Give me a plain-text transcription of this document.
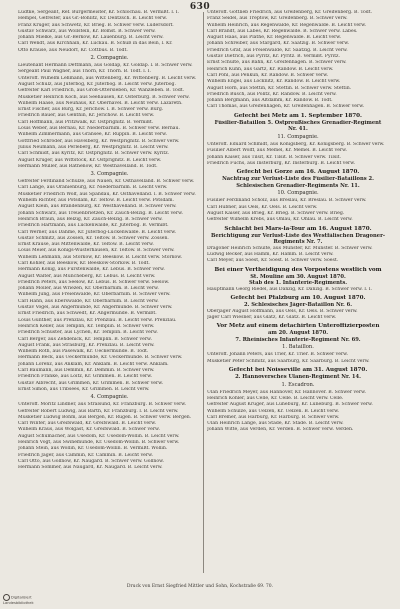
630
Lüdtke, Sergeant, Ref. Bürgermeister, Kr. Schlochau. B. Vermißt. l. I.
Hempel, Gefreiter, aus Gr.-Bohlitz, Kr. Delitzsch. B. Leicht verw.
Franz Krüger, aus Schwetz, Kr. Brieg. B. Schwer verw. Lüdersdorf.
Gustav Schwarz, aus Wollstein, Kr. Bomst. B. Schwer verw.
Johann Mielke, aus Gr.-Berkow, Kr. Lauenburg. B. Leicht verw.
Carl Wendt, aus Kirchhain, Kr. Luckau. B. Schuß in das Bein, l. Kr.
Otto Krause, aus Neudorf, Kr. Cottbus. B. Todt.
2. Compagnie.
Lieutenant Hermann Dettmann, aus Goldap, Kr. Goldap. l. B. Schwer verw.
Sergeant Paul Wagner, aus Thorn, Kr. Thorn. B. Todt. l. I.
Unteroff. Wilhelm Lehmann, aus Wittenberg, Kr. Wittenberg. B. Leicht verw.
August Schulz, aus Jüterbog, Kr. Jüterbog. B. Leicht verw. Jüterbog.
Gefreiter Karl Friedrich, aus Groß-Ottersleben, Kr. Wanzleben. B. Todt.
Musketier Heinrich Koch, aus Seehausen, Kr. Osterburg. B. Schwer verw.
Wilhelm Haase, aus Neuhaus, Kr. Oberhavel. B. Leicht verw. Lazareth.
Ernst Fischer, aus Burg, Kr. Jerichow. l. B. Schwer verw. Burg.
Friedrich Bauer, aus Genthin, Kr. Jerichow. B. Leicht verw.
Carl Hoffmann, aus Pritzwalk, Kr. Ostprignitz. B. Vermißt.
Louis Weber, aus Bernau, Kr. Niederbarnim. B. Schwer verw. Bernau.
Wilhelm Zimmermann, aus Gransee, Kr. Ruppin. B. Leicht verw.
Gottfried Schröder, aus Havelberg, Kr. Westprignitz. B. Schwer verw.
Julius Neumann, aus Perleberg, Kr. Westprignitz. B. Leicht verw.
Carl Schmidt, aus Kyritz, Kr. Ostprignitz. B. Schwer verw. Kyritz.
August Krüger, aus Wittstock, Kr. Ostprignitz. B. Leicht verw.
Hermann Müller, aus Rathenow, Kr. Westhavelland. B. Todt.
3. Compagnie.
Gefreiter Ferdinand Schulze, aus Nauen, Kr. Osthavelland. B. Schwer verw.
Carl Lange, aus Oranienburg, Kr. Niederbarnim. B. Leicht verw.
Musketier Friedrich Wolf, aus Spandau, Kr. Osthavelland. l. B. Schwer verw.
Wilhelm Richter, aus Potsdam, Kr. Teltow. B. Leicht verw. Potsdam.
August Klein, aus Brandenburg, Kr. Westhavelland. B. Schwer verw.
Johann Schwarz, aus Treuenbrietzen, Kr. Zauch-Belzig. B. Leicht verw.
Heinrich Braun, aus Belzig, Kr. Zauch-Belzig. B. Schwer verw.
Friedrich Hartmann, aus Luckenwalde, Kr. Jüterbog. B. Vermißt.
Carl Werner, aus Dahme, Kr. Jüterbog-Luckenwalde. B. Leicht verw.
Gustav Schmitz, aus Zossen, Kr. Teltow. B. Schwer verw. Zossen.
Ernst Krause, aus Mittenwalde, Kr. Teltow. B. Leicht verw.
Louis Meier, aus Königs-Wusterhausen, Kr. Teltow. B. Schwer verw.
Wilhelm Lehmann, aus Storkow, Kr. Beeskow. B. Leicht verw. Storkow.
Carl Köhler, aus Beeskow, Kr. Beeskow-Storkow. B. Todt.
Hermann König, aus Fürstenwalde, Kr. Lebus. B. Schwer verw.
August Walter, aus Müncheberg, Kr. Lebus. B. Leicht verw.
Friedrich Peters, aus Seelow, Kr. Lebus. B. Schwer verw. Seelow.
Johann Möller, aus Wriezen, Kr. Oberbarnim. B. Leicht verw.
Wilhelm Jung, aus Freienwalde, Kr. Oberbarnim. B. Schwer verw.
Carl Hahn, aus Eberswalde, Kr. Oberbarnim. B. Leicht verw.
Gustav Vogel, aus Angermünde, Kr. Angermünde. B. Schwer verw.
Ernst Friedrich, aus Schwedt, Kr. Angermünde. B. Vermißt.
Louis Günther, aus Prenzlau, Kr. Prenzlau. B. Leicht verw. Prenzlau.
Heinrich Keller, aus Templin, Kr. Templin. B. Schwer verw.
Friedrich Schuster, aus Lychen, Kr. Templin. B. Leicht verw.
Carl Berger, aus Zehdenick, Kr. Templin. B. Schwer verw.
August Frank, aus Strasburg, Kr. Prenzlau. B. Leicht verw.
Wilhelm Roth, aus Pasewalk, Kr. Ueckermünde. B. Todt.
Hermann Beck, aus Ueckermünde, Kr. Ueckermünde. B. Schwer verw.
Johann Lorenz, aus Anklam, Kr. Anklam. B. Leicht verw. Anklam.
Carl Baumann, aus Demmin, Kr. Demmin. B. Schwer verw.
Friedrich Franke, aus Loitz, Kr. Grimmen. B. Leicht verw.
Gustav Albrecht, aus Grimmen, Kr. Grimmen. B. Schwer verw.
Ernst Simon, aus Tribsees, Kr. Grimmen. B. Leicht verw.
4. Compagnie.
Unteroff. Moritz Lindner, aus Stralsund, Kr. Franzburg. B. Schwer verw.
Gefreiter Robert Ludwig, aus Barth, Kr. Franzburg. l. B. Leicht verw.
Musketier Ludwig Böhm, aus Bergen, Kr. Rügen. B. Schwer verw. Bergen.
Carl Winter, aus Greifswald, Kr. Greifswald. B. Leicht verw.
Wilhelm Kraus, aus Wolgast, Kr. Greifswald. B. Schwer verw.
August Schumacher, aus Usedom, Kr. Usedom-Wollin. B. Leicht verw.
Heinrich Vogt, aus Swinemünde, Kr. Usedom-Wollin. B. Schwer verw.
Johann Stein, aus Wollin, Kr. Usedom-Wollin. B. Vermißt. Wollin.
Friedrich Jäger, aus Cammin, Kr. Cammin. B. Leicht verw.
Carl Otto, aus Gollnow, Kr. Naugard. B. Schwer verw. Gollnow.
Hermann Sommer, aus Naugard, Kr. Naugard. B. Leicht verw.
Unteroff. Gottlieb Friedrich, aus Greifenberg, Kr. Greifenberg. B. Todt.
Franz Seidel, aus Treptow, Kr. Greifenberg. B. Schwer verw.
Wilhelm Heinrich, aus Regenwalde, Kr. Regenwalde. B. Leicht verw.
Carl Brandt, aus Labes, Kr. Regenwalde. B. Schwer verw. Labes.
August Haas, aus Plathe, Kr. Regenwalde. B. Leicht verw.
Johann Schreiber, aus Stargard, Kr. Saatzig. B. Schwer verw.
Friedrich Graf, aus Freienwalde, Kr. Saatzig. B. Leicht verw.
Gustav Dietrich, aus Pyritz, Kr. Pyritz. B. Vermißt. Pyritz.
Ernst Schulte, aus Bahn, Kr. Greifenhagen. B. Schwer verw.
Heinrich Kühn, aus Gartz, Kr. Randow. B. Leicht verw.
Carl Pohl, aus Penkun, Kr. Randow. B. Schwer verw.
Wilhelm Engel, aus Löcknitz, Kr. Randow. B. Leicht verw.
August Horn, aus Stettin, Kr. Stettin. B. Schwer verw. Stettin.
Friedrich Busch, aus Pölitz, Kr. Randow. B. Leicht verw.
Johann Bergmann, aus Altdamm, Kr. Randow. B. Todt.
Carl Thomas, aus Greifenhagen, Kr. Greifenhagen. B. Schwer verw.
Gefecht bei Metz am 1. September 1870.
Füsilier-Bataillon 5. Ostpreußisches Grenadier-Regiment
Nr. 41.
11. Compagnie.
Unteroff. Eduard Schmidt, aus Königsberg, Kr. Königsberg. B. Schwer verw.
Füsilier Albert Wolff, aus Memel, Kr. Memel. B. Leicht verw.
Johann Kaiser, aus Tilsit, Kr. Tilsit. B. Schwer verw. Tilsit.
Friedrich Fuchs, aus Insterburg, Kr. Insterburg. B. Leicht verw.
Gefecht bei Gorze am 16. August 1870.
Nachtrag zur Verlust-Liste des Füsilier-Bataillons 2.
Schlesischen Grenadier-Regiments Nr. 11.
10. Compagnie.
Füsilier Ferdinand Scholz, aus Breslau, Kr. Breslau. B. Schwer verw.
Carl Hübner, aus Oels, Kr. Oels. B. Leicht verw.
August Kaiser, aus Brieg, Kr. Brieg. B. Schwer verw. Brieg.
Gefreiter Wilhelm Krebs, aus Ohlau, Kr. Ohlau. B. Leicht verw.
Schlacht bei Mars-la-Tour am 16. August 1870.
Berichtigung zur Verlust-Liste des Westfälischen Dragoner-
Regiments Nr. 7.
Dragoner Heinrich Schulte, aus Münster, Kr. Münster. B. Schwer verw.
Ludwig Becker, aus Hamm, Kr. Hamm. B. Leicht verw.
Carl Meyer, aus Soest, Kr. Soest. B. Schwer verw. Soest.
Bei einer Vertheidigung des Vorpostens westlich vom
St. Mouline am 30. August 1870.
Stab des 1. Infanterie-Regiments.
Hauptmann Georg Riedel, aus Danzig, Kr. Danzig. B. Schwer verw. l. I.
Gefecht bei Pfalzburg am 10. August 1870.
2. Schlesisches Jäger-Bataillon Nr. 6.
Oberjäger August Hoffmann, aus Oels, Kr. Oels. B. Schwer verw.
Jäger Carl Wiesner, aus Glatz, Kr. Glatz. B. Leicht verw.
Vor Metz auf einem detachirten Unteroffizierposten
am 20. August 1870.
7. Rheinisches Infanterie-Regiment Nr. 69.
1. Bataillon.
Unteroff. Johann Peters, aus Trier, Kr. Trier. B. Schwer verw.
Musketier Peter Schmitz, aus Saarburg, Kr. Saarburg. B. Leicht verw.
Gefecht bei Noisseville am 31. August 1870.
2. Hannoversches Ulanen-Regiment Nr. 14.
1. Escadron.
Ulan Friedrich Meyer, aus Hannover, Kr. Hannover. B. Schwer verw.
Heinrich Köhler, aus Celle, Kr. Celle. B. Leicht verw. Celle.
Gefreiter August Krüger, aus Lüneburg, Kr. Lüneburg. B. Schwer verw.
Wilhelm Schulze, aus Uelzen, Kr. Uelzen. B. Leicht verw.
Carl Bremer, aus Harburg, Kr. Harburg. B. Schwer verw.
Ulan Heinrich Lange, aus Stade, Kr. Stade. B. Leicht verw.
Johann Witte, aus Verden, Kr. Verden. B. Schwer verw. Verden.
Druck von Ernst Siegfried Mittler und Sohn, Kochstraße 69. 70.
Digitalisiert
Landesbibliothek
